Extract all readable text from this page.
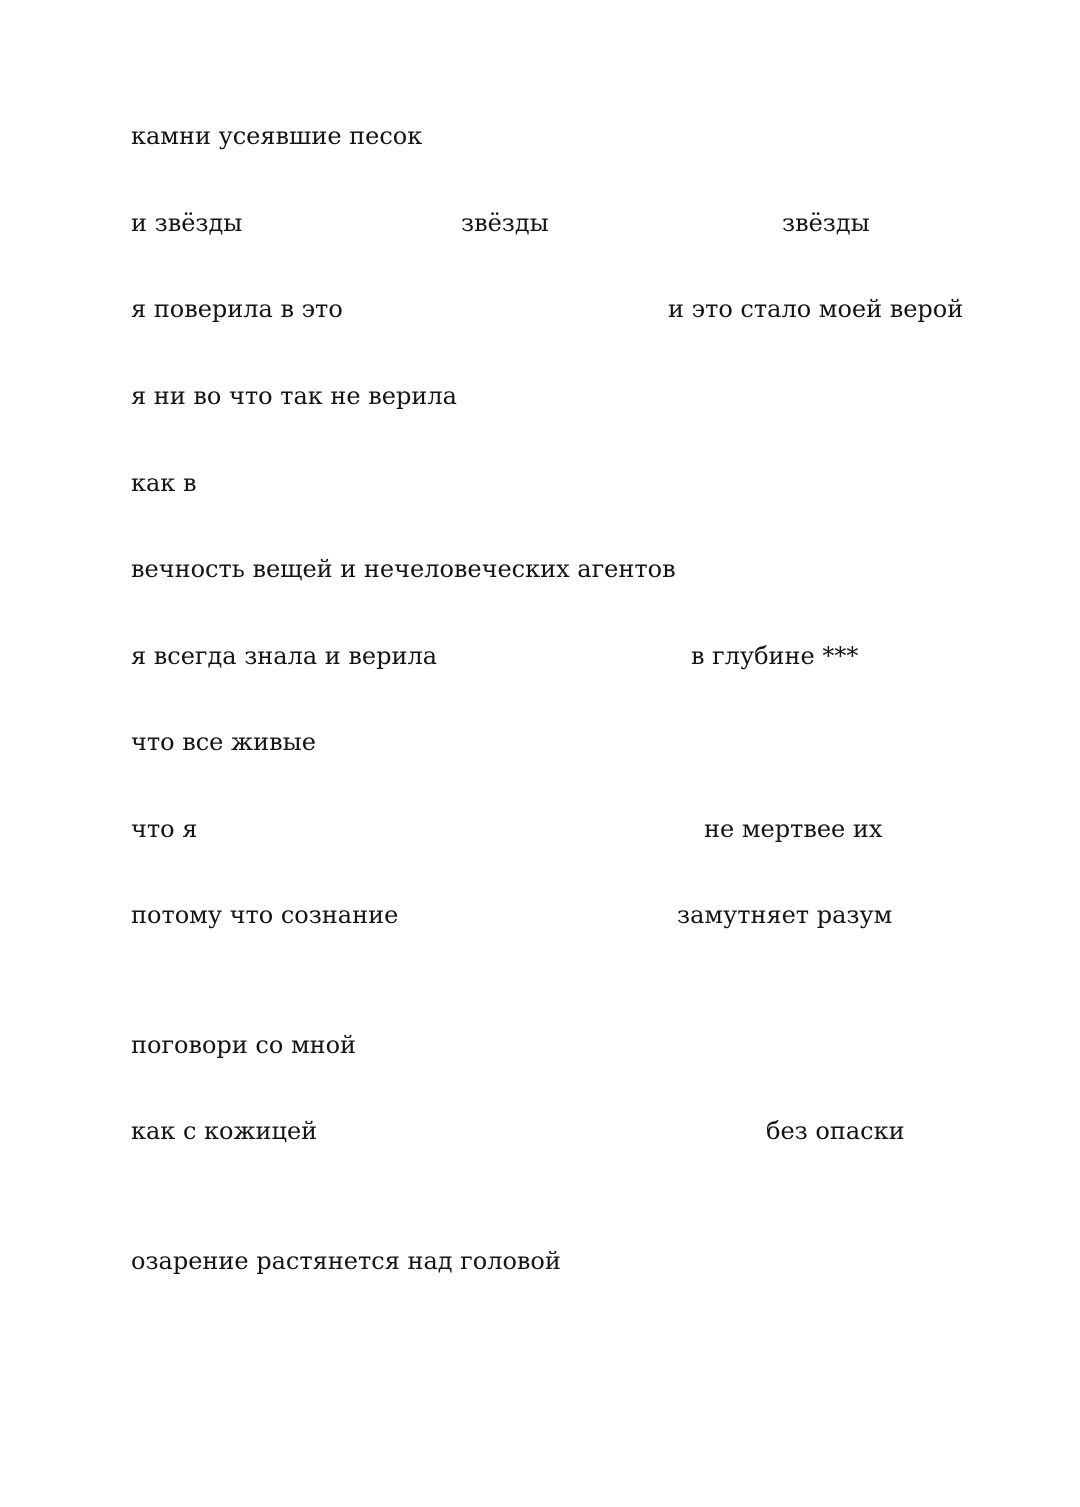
камни усеявшие песок
и звёзды	звёзды	звёзды
я поверила в это	и это стало моей верой
я ни во что так не верила
как в
вечность вещей и нечеловеческих агентов
я всегда знала и верила	в глубине ***
что все живые
что я	не мертвее их
потому что сознание	замутняет разум
поговори со мной
как с кожицей	без опаски
озарение растянется над головой
